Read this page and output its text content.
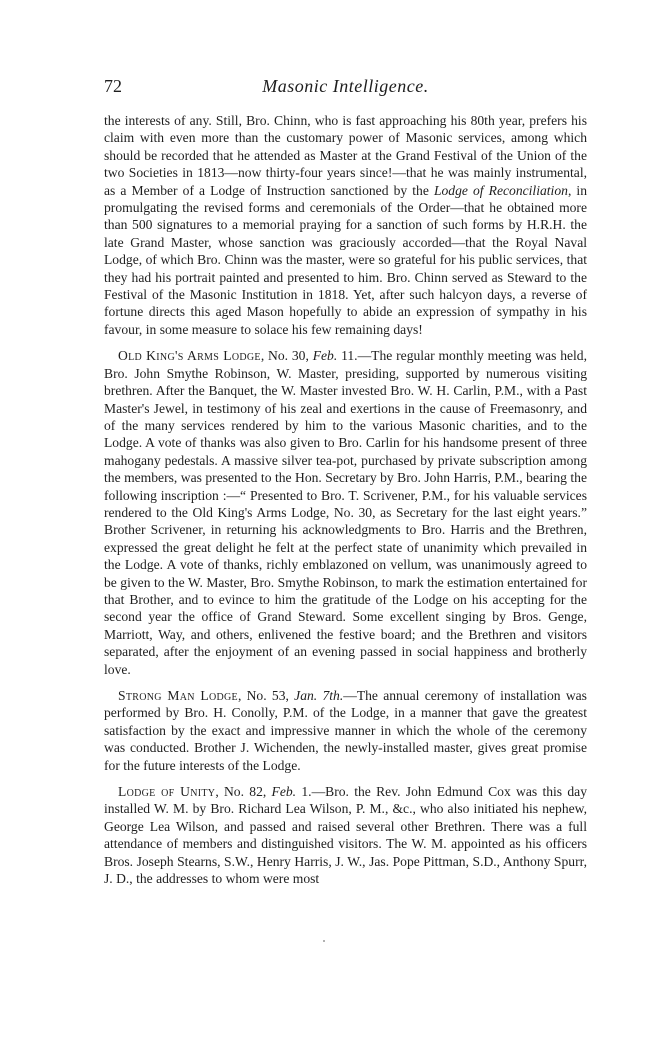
72	Masonic Intelligence.

the interests of any. Still, Bro. Chinn, who is fast approaching his 80th year, prefers his claim with even more than the customary power of Masonic services, among which should be recorded that he attended as Master at the Grand Festival of the Union of the two Societies in 1813—now thirty-four years since!—that he was mainly instrumental, as a Member of a Lodge of Instruction sanctioned by the Lodge of Reconciliation, in promulgating the revised forms and ceremonials of the Order—that he obtained more than 500 signatures to a memorial praying for a sanction of such forms by H.R.H. the late Grand Master, whose sanction was graciously accorded—that the Royal Naval Lodge, of which Bro. Chinn was the master, were so grateful for his public services, that they had his portrait painted and presented to him. Bro. Chinn served as Steward to the Festival of the Masonic Institution in 1818. Yet, after such halcyon days, a reverse of fortune directs this aged Mason hopefully to abide an expression of sympathy in his favour, in some measure to solace his few remaining days!

Old King's Arms Lodge, No. 30, Feb. 11.—The regular monthly meeting was held, Bro. John Smythe Robinson, W. Master, presiding, supported by numerous visiting brethren. After the Banquet, the W. Master invested Bro. W. H. Carlin, P.M., with a Past Master's Jewel, in testimony of his zeal and exertions in the cause of Freemasonry, and of the many services rendered by him to the various Masonic charities, and to the Lodge. A vote of thanks was also given to Bro. Carlin for his handsome present of three mahogany pedestals. A massive silver tea-pot, purchased by private subscription among the members, was presented to the Hon. Secretary by Bro. John Harris, P.M., bearing the following inscription :—“ Presented to Bro. T. Scrivener, P.M., for his valuable services rendered to the Old King's Arms Lodge, No. 30, as Secretary for the last eight years.” Brother Scrivener, in returning his acknowledgments to Bro. Harris and the Brethren, expressed the great delight he felt at the perfect state of unanimity which prevailed in the Lodge. A vote of thanks, richly emblazoned on vellum, was unanimously agreed to be given to the W. Master, Bro. Smythe Robinson, to mark the estimation entertained for that Brother, and to evince to him the gratitude of the Lodge on his accepting for the second year the office of Grand Steward. Some excellent singing by Bros. Genge, Marriott, Way, and others, enlivened the festive board; and the Brethren and visitors separated, after the enjoyment of an evening passed in social happiness and brotherly love.

Strong Man Lodge, No. 53, Jan. 7th.—The annual ceremony of installation was performed by Bro. H. Conolly, P.M. of the Lodge, in a manner that gave the greatest satisfaction by the exact and impressive manner in which the whole of the ceremony was conducted. Brother J. Wichenden, the newly-installed master, gives great promise for the future interests of the Lodge.

Lodge of Unity, No. 82, Feb. 1.—Bro. the Rev. John Edmund Cox was this day installed W. M. by Bro. Richard Lea Wilson, P. M., &c., who also initiated his nephew, George Lea Wilson, and passed and raised several other Brethren. There was a full attendance of members and distinguished visitors. The W. M. appointed as his officers Bros. Joseph Stearns, S.W., Henry Harris, J. W., Jas. Pope Pittman, S.D., Anthony Spurr, J. D., the addresses to whom were most
